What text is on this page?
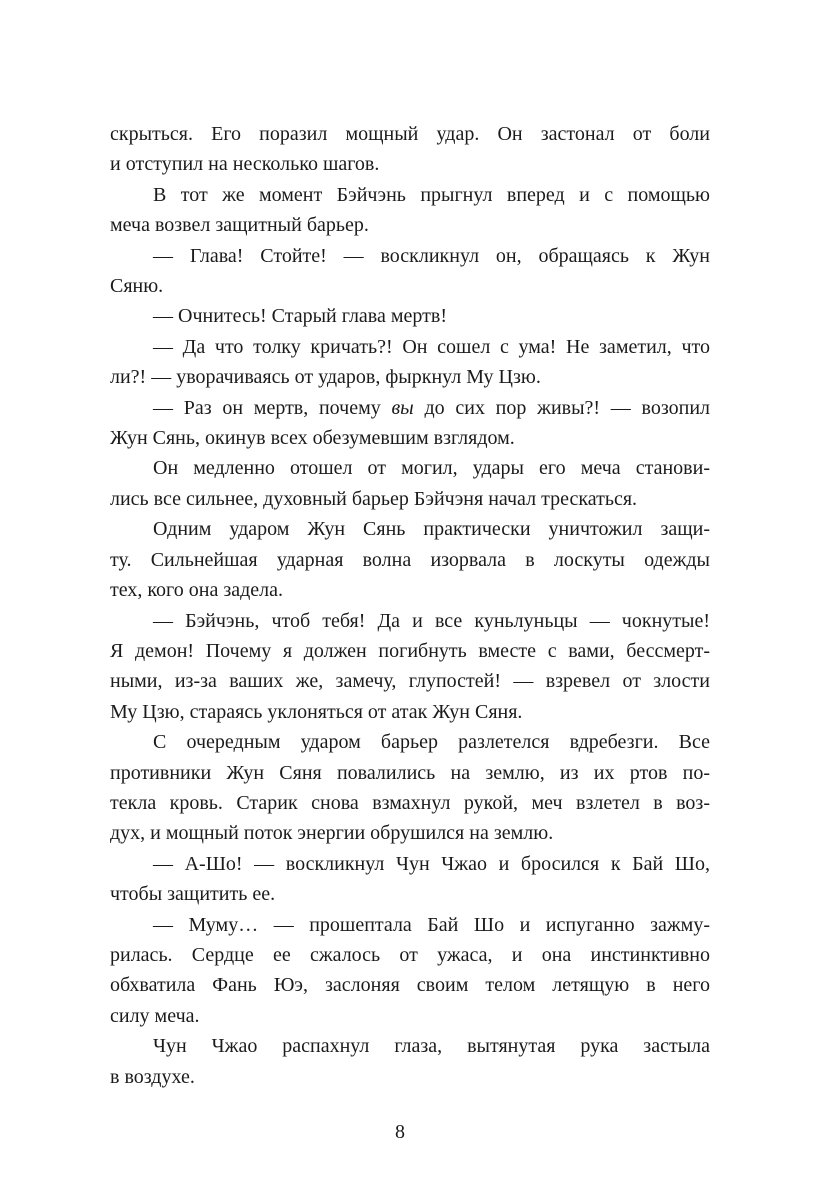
скрыться. Его поразил мощный удар. Он застонал от боли
и отступил на несколько шагов.
В тот же момент Бэйчэнь прыгнул вперед и с помощью
меча возвел защитный барьер.
— Глава! Стойте! — воскликнул он, обращаясь к Жун
Сяню.
— Очнитесь! Старый глава мертв!
— Да что толку кричать?! Он сошел с ума! Не заметил, что
ли?! — уворачиваясь от ударов, фыркнул Му Цзю.
— Раз он мертв, почему вы до сих пор живы?! — возопил
Жун Сянь, окинув всех обезумевшим взглядом.
Он медленно отошел от могил, удары его меча станови-
лись все сильнее, духовный барьер Бэйчэня начал трескаться.
Одним ударом Жун Сянь практически уничтожил защи-
ту. Сильнейшая ударная волна изорвала в лоскуты одежды
тех, кого она задела.
— Бэйчэнь, чтоб тебя! Да и все куньлуньцы — чокнутые!
Я демон! Почему я должен погибнуть вместе с вами, бессмерт-
ными, из-за ваших же, замечу, глупостей! — взревел от злости
Му Цзю, стараясь уклоняться от атак Жун Сяня.
С очередным ударом барьер разлетелся вдребезги. Все
противники Жун Сяня повалились на землю, из их ртов по-
текла кровь. Старик снова взмахнул рукой, меч взлетел в воз-
дух, и мощный поток энергии обрушился на землю.
— А-Шо! — воскликнул Чун Чжао и бросился к Бай Шо,
чтобы защитить ее.
— Муму… — прошептала Бай Шо и испуганно зажму-
рилась. Сердце ее сжалось от ужаса, и она инстинктивно
обхватила Фань Юэ, заслоняя своим телом летящую в него
силу меча.
Чун Чжао распахнул глаза, вытянутая рука застыла
в воздухе.
8
